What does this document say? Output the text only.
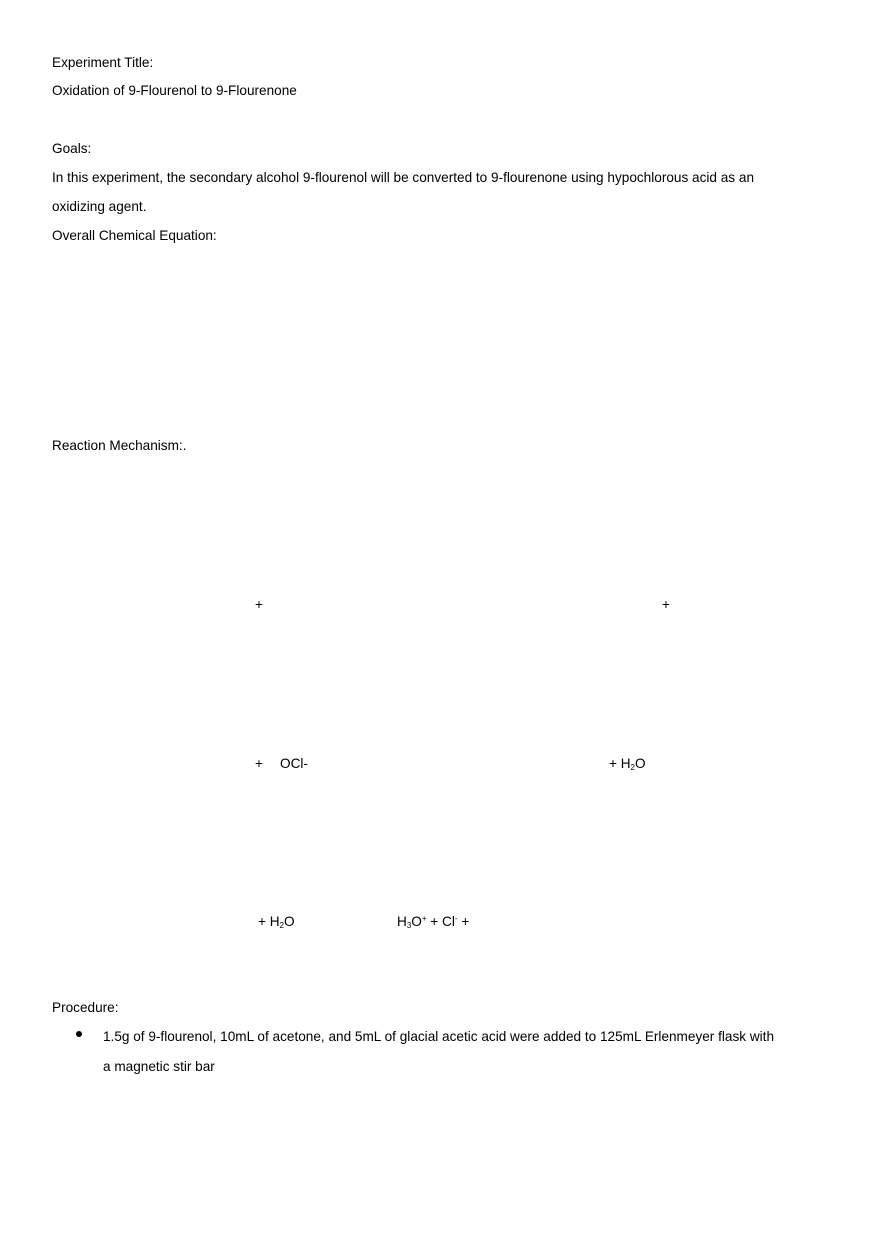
Experiment Title:
Oxidation of 9-Flourenol to 9-Flourenone
Goals:
In this experiment, the secondary alcohol 9-flourenol will be converted to 9-flourenone using hypochlorous acid as an
oxidizing agent.
Overall Chemical Equation:
Reaction Mechanism:.
+	+
+ OCl-	+ $H_2O$
+ $H_2O$	$H_3O^+ + Cl^-$ +
Procedure:
1.5g of 9-flourenol, 10mL of acetone, and 5mL of glacial acetic acid were added to 125mL Erlenmeyer flask with
a magnetic stir bar
